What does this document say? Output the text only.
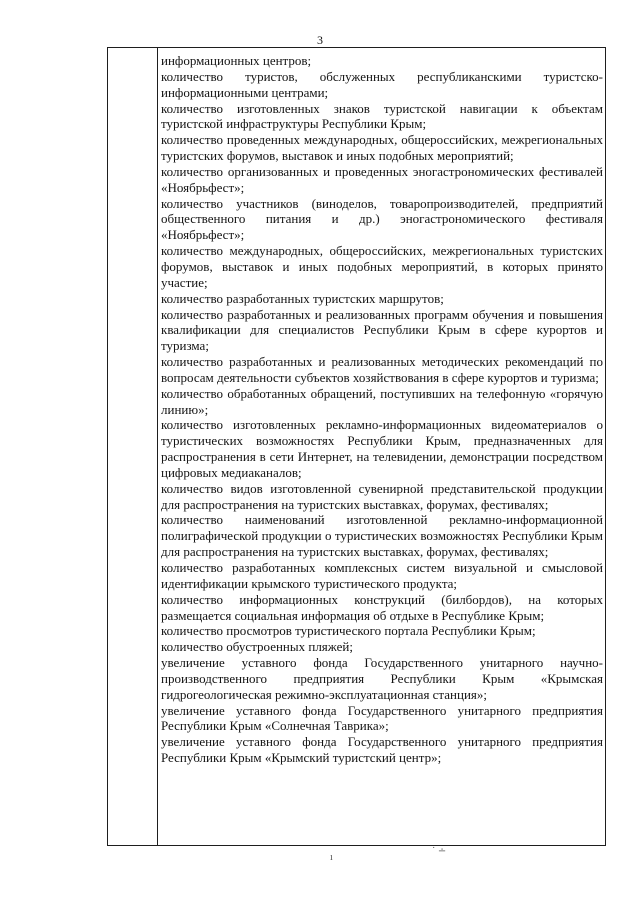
3

информационных центров;

количество туристов, обслуженных республиканскими туристско-информационными центрами;

количество изготовленных знаков туристской навигации к объектам туристской инфраструктуры Республики Крым;

количество проведенных международных, общероссийских, межрегиональных туристских форумов, выставок и иных подобных мероприятий;

количество организованных и проведенных эногастрономических фестивалей «Ноябрьфест»;

количество участников (виноделов, товаропроизводителей, предприятий общественного питания и др.) эногастрономического фестиваля «Ноябрьфест»;

количество международных, общероссийских, межрегиональных туристских форумов, выставок и иных подобных мероприятий, в которых принято участие;

количество разработанных туристских маршрутов;

количество разработанных и реализованных программ обучения и повышения квалификации для специалистов Республики Крым в сфере курортов и туризма;

количество разработанных и реализованных методических рекомендаций по вопросам деятельности субъектов хозяйствования в сфере курортов и туризма;

количество обработанных обращений, поступивших на телефонную «горячую линию»;

количество изготовленных рекламно-информационных видеоматериалов о туристических возможностях Республики Крым, предназначенных для распространения в сети Интернет, на телевидении, демонстрации посредством цифровых медиаканалов;

количество видов изготовленной сувенирной представительской продукции для распространения на туристских выставках, форумах, фестивалях;

количество наименований изготовленной рекламно-информационной полиграфической продукции о туристических возможностях Республики Крым для распространения на туристских выставках, форумах, фестивалях;

количество разработанных комплексных систем визуальной и смысловой идентификации крымского туристического продукта;

количество информационных конструкций (билбордов), на которых размещается социальная информация об отдыхе в Республике Крым;

количество просмотров туристического портала Республики Крым;

количество обустроенных пляжей;

увеличение уставного фонда Государственного унитарного научно-производственного предприятия Республики Крым «Крымская гидрогеологическая режимно-эксплуатационная станция»;

увеличение уставного фонда Государственного унитарного предприятия Республики Крым «Солнечная Таврика»;

увеличение уставного фонда Государственного унитарного предприятия Республики Крым «Крымский туристский центр»;

ı
˙ ∸
